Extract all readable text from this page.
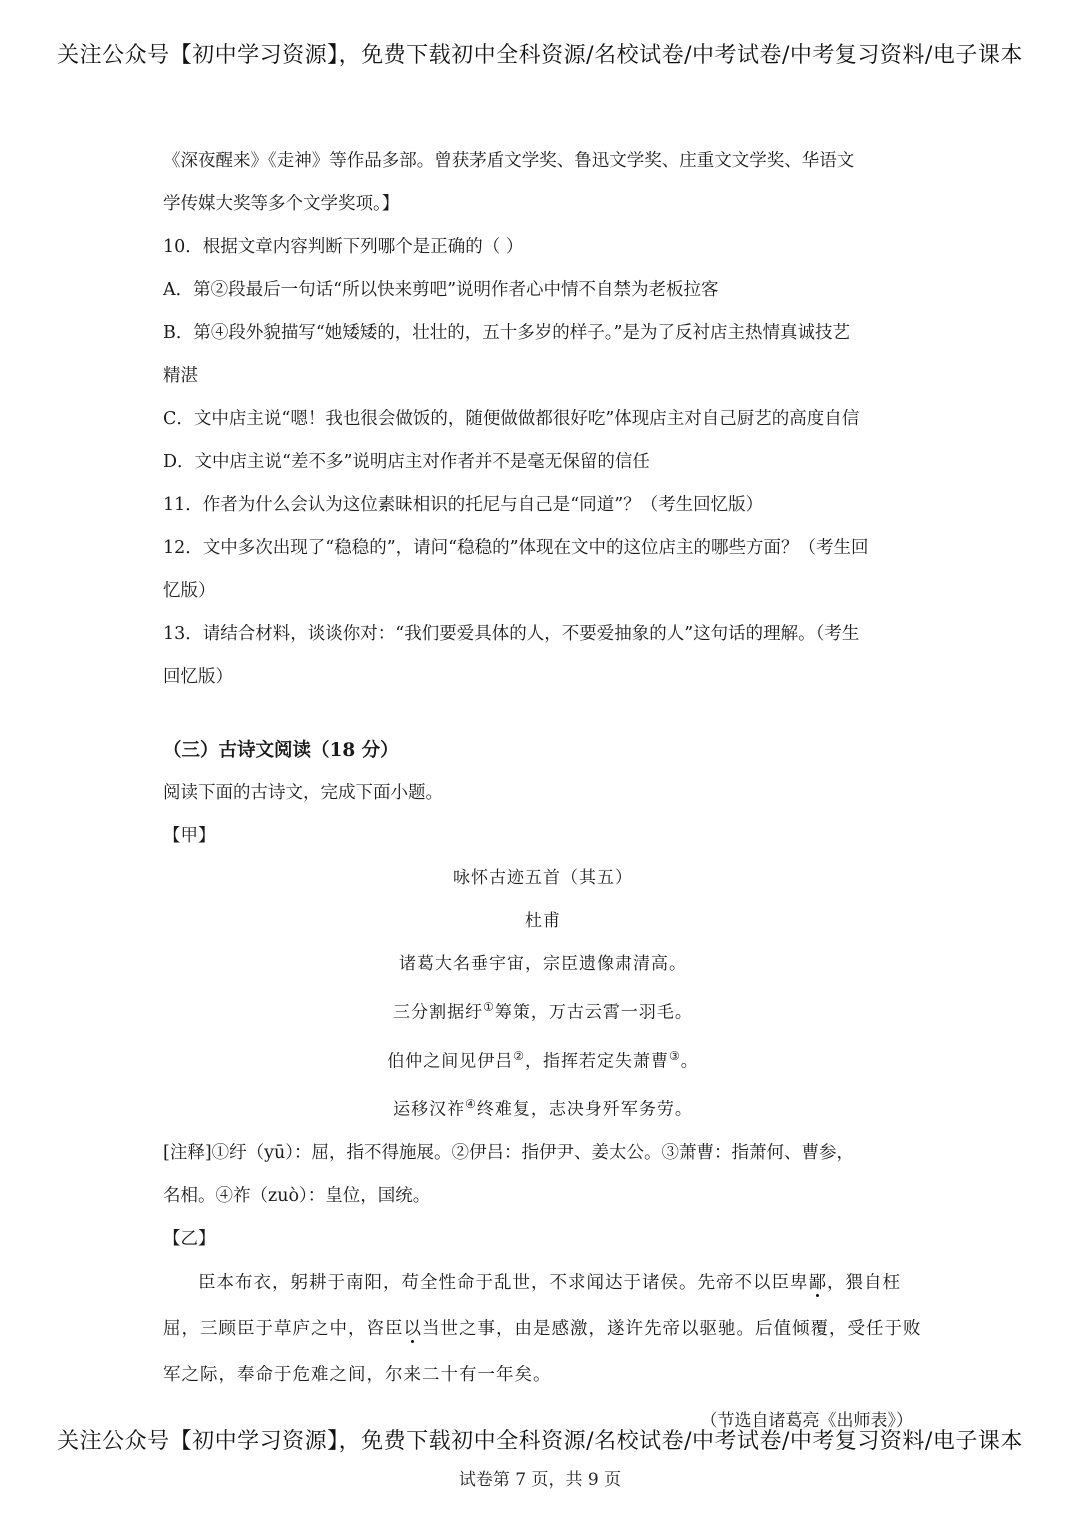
关注公众号【初中学习资源】，免费下载初中全科资源/名校试卷/中考试卷/中考复习资料/电子课本

《深夜醒来》《走神》等作品多部。曾获茅盾文学奖、鲁迅文学奖、庄重文文学奖、华语文

学传媒大奖等多个文学奖项。】

10．根据文章内容判断下列哪个是正确的（ ）

A．第②段最后一句话“所以快来剪吧”说明作者心中情不自禁为老板拉客

B．第④段外貌描写“她矮矮的，壮壮的，五十多岁的样子。”是为了反衬店主热情真诚技艺

精湛

C．文中店主说“嗯！我也很会做饭的，随便做做都很好吃”体现店主对自己厨艺的高度自信

D．文中店主说“差不多”说明店主对作者并不是毫无保留的信任

11．作者为什么会认为这位素昧相识的托尼与自己是“同道”？（考生回忆版）

12．文中多次出现了“稳稳的”，请问“稳稳的”体现在文中的这位店主的哪些方面？（考生回

忆版）

13．请结合材料，谈谈你对：“我们要爱具体的人，不要爱抽象的人”这句话的理解。（考生

回忆版）

（三）古诗文阅读（18 分）

阅读下面的古诗文，完成下面小题。

【甲】
咏怀古迹五首（其五）
杜甫
诸葛大名垂宇宙，宗臣遗像肃清高。
三分割据纡①筹策，万古云霄一羽毛。
伯仲之间见伊吕②，指挥若定失萧曹③。
运移汉祚④终难复，志决身歼军务劳。

[注释]①纡（yū）：屈，指不得施展。②伊吕：指伊尹、姜太公。③萧曹：指萧何、曹参，

名相。④祚（zuò）：皇位，国统。

【乙】
臣本布衣，躬耕于南阳，苟全性命于乱世，不求闻达于诸侯。先帝不以臣卑鄙，猥自枉屈，三顾臣于草庐之中，咨臣以当世之事，由是感激，遂许先帝以驱驰。后值倾覆，受任于败军之际，奉命于危难之间，尔来二十有一年矣。
（节选自诸葛亮《出师表》）
关注公众号【初中学习资源】，免费下载初中全科资源/名校试卷/中考试卷/中考复习资料/电子课本
试卷第 7 页，共 9 页
